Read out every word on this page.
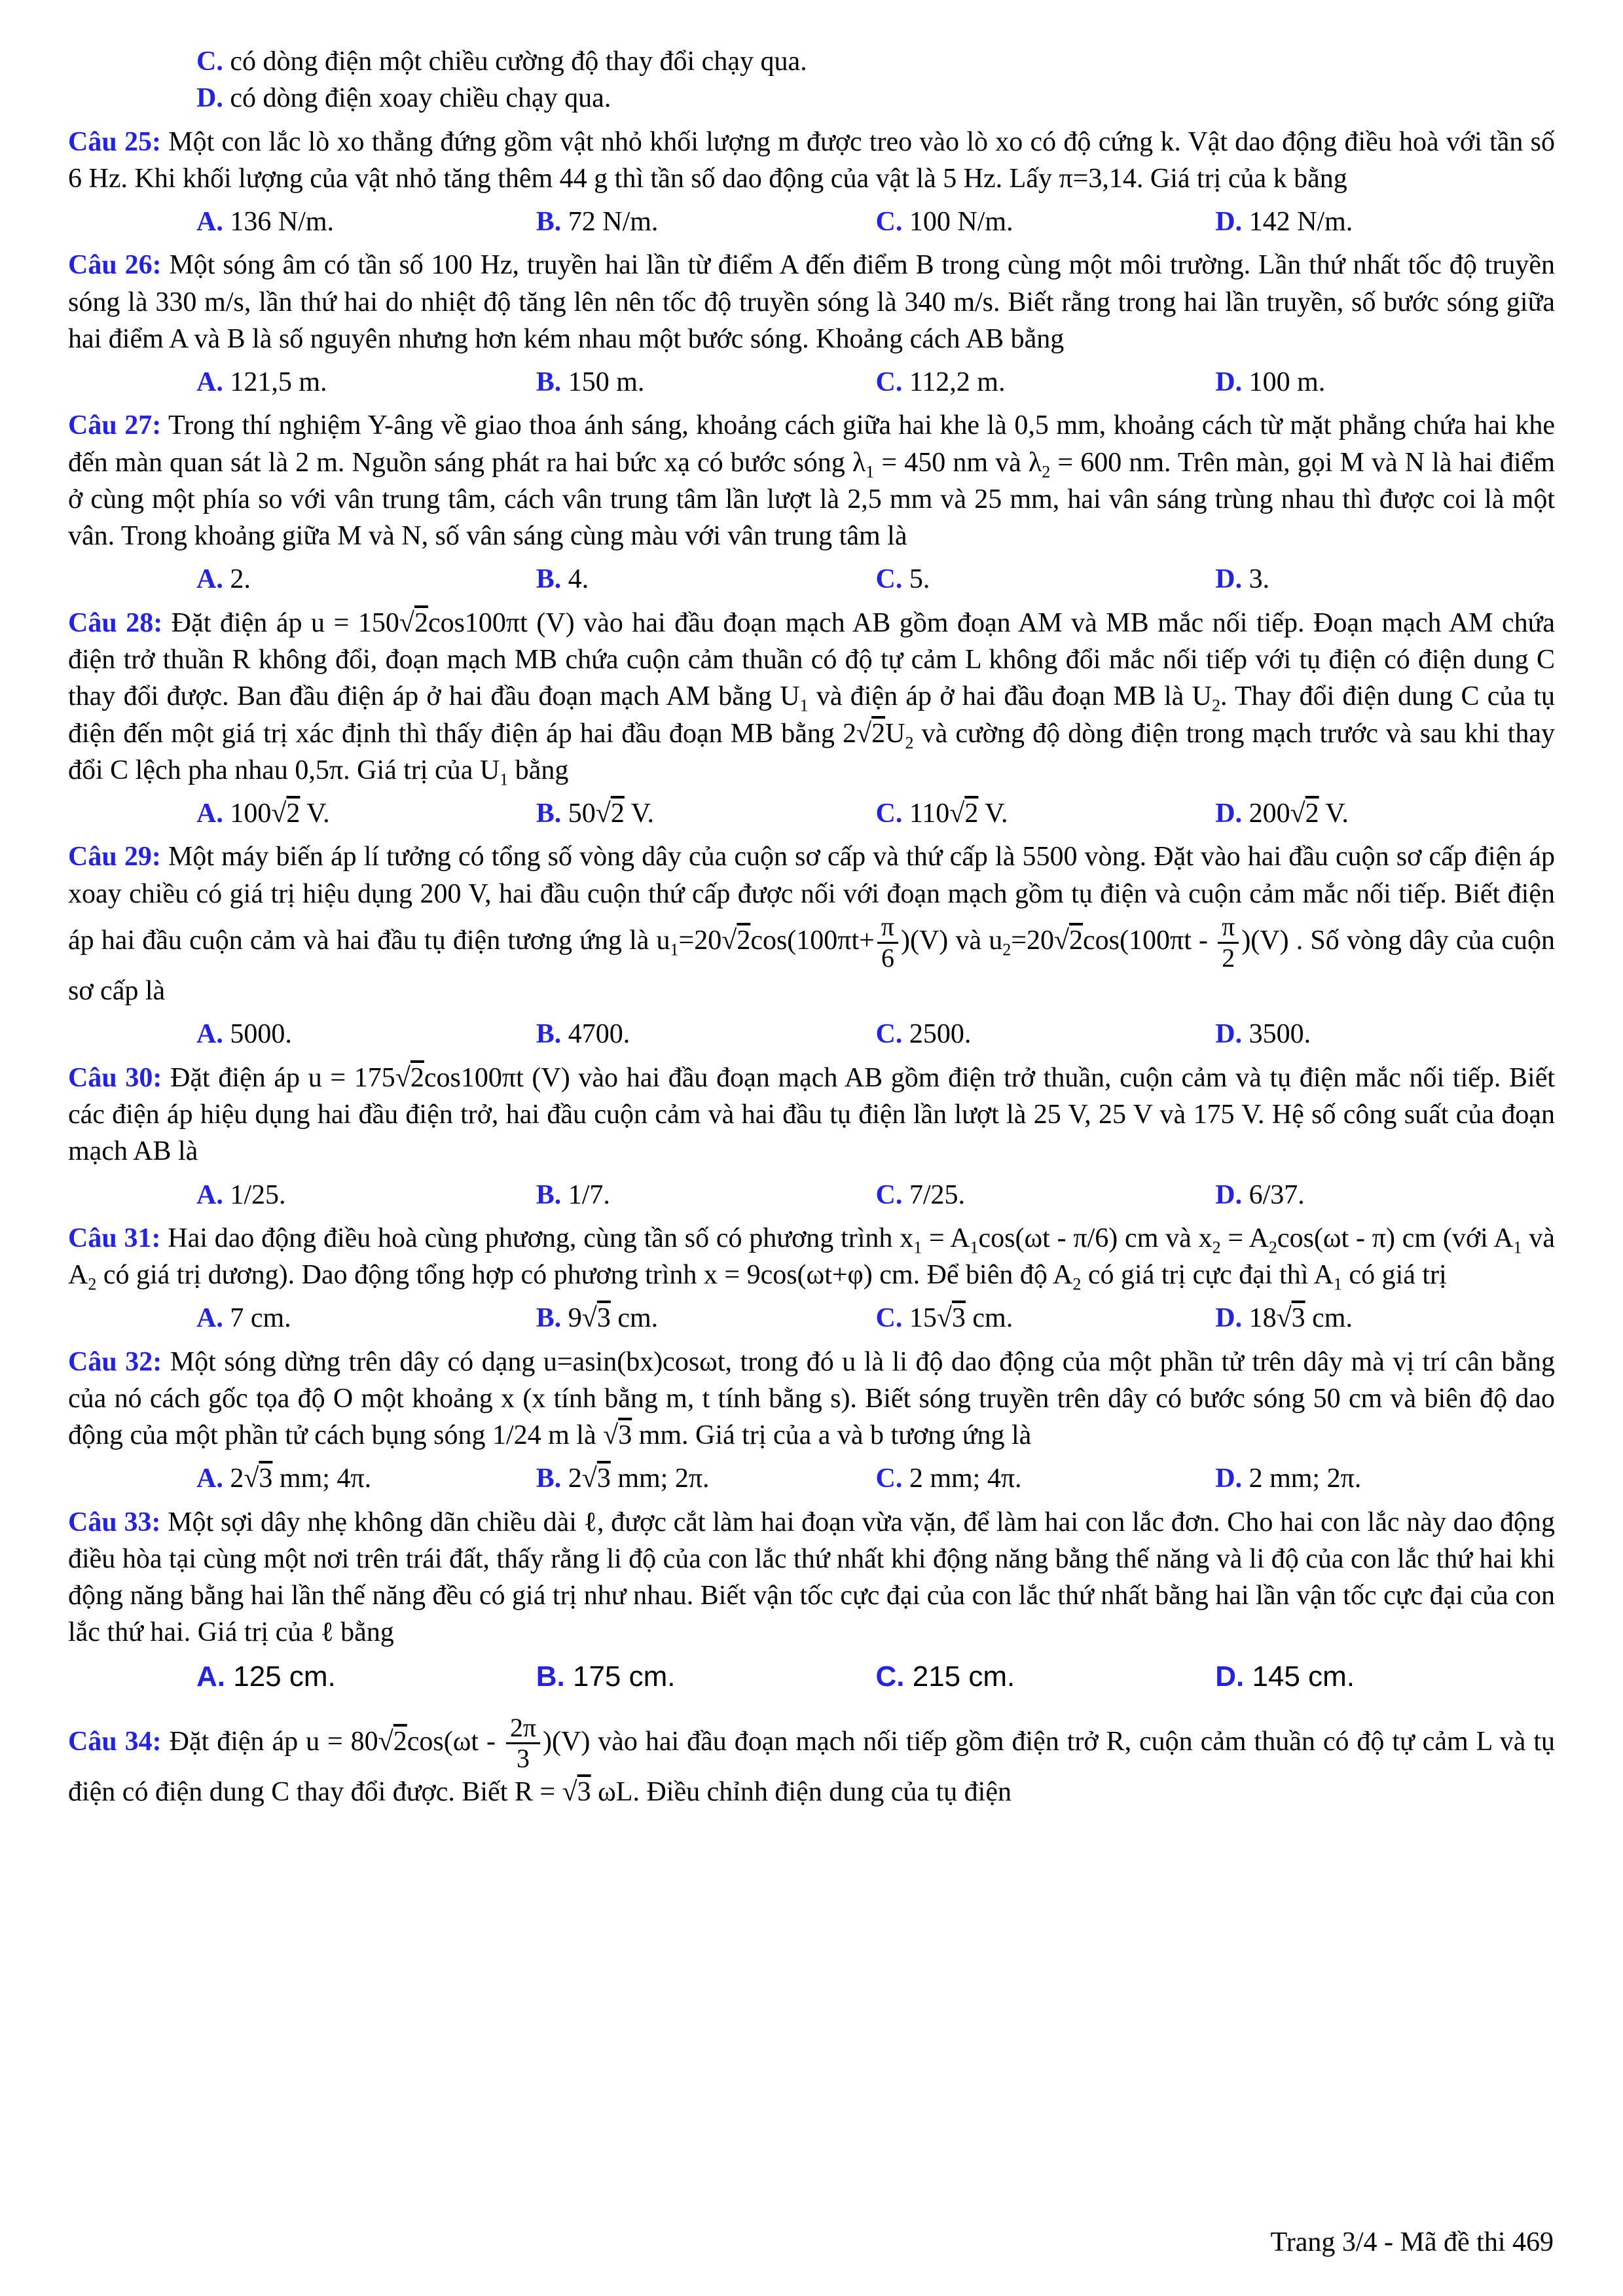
C. có dòng điện một chiều cường độ thay đổi chạy qua.
D. có dòng điện xoay chiều chạy qua.

Câu 25: Một con lắc lò xo thẳng đứng gồm vật nhỏ khối lượng m được treo vào lò xo có độ cứng k. Vật dao động điều hoà với tần số 6 Hz. Khi khối lượng của vật nhỏ tăng thêm 44 g thì tần số dao động của vật là 5 Hz. Lấy π=3,14. Giá trị của k bằng

A. 136 N/m.	B. 72 N/m.	C. 100 N/m.	D. 142 N/m.

Câu 26: Một sóng âm có tần số 100 Hz, truyền hai lần từ điểm A đến điểm B trong cùng một môi trường. Lần thứ nhất tốc độ truyền sóng là 330 m/s, lần thứ hai do nhiệt độ tăng lên nên tốc độ truyền sóng là 340 m/s. Biết rằng trong hai lần truyền, số bước sóng giữa hai điểm A và B là số nguyên nhưng hơn kém nhau một bước sóng. Khoảng cách AB bằng

A. 121,5 m.	B. 150 m.	C. 112,2 m.	D. 100 m.

Câu 27: Trong thí nghiệm Y-âng về giao thoa ánh sáng, khoảng cách giữa hai khe là 0,5 mm, khoảng cách từ mặt phẳng chứa hai khe đến màn quan sát là 2 m. Nguồn sáng phát ra hai bức xạ có bước sóng $\lambda_1 = 450$ nm và $\lambda_2 = 600$ nm. Trên màn, gọi M và N là hai điểm ở cùng một phía so với vân trung tâm, cách vân trung tâm lần lượt là 2,5 mm và 25 mm, hai vân sáng trùng nhau thì được coi là một vân. Trong khoảng giữa M và N, số vân sáng cùng màu với vân trung tâm là

A. 2.	B. 4.	C. 5.	D. 3.

Câu 28: Đặt điện áp u = 150√2cos100πt (V) vào hai đầu đoạn mạch AB gồm đoạn AM và MB mắc nối tiếp. Đoạn mạch AM chứa điện trở thuần R không đổi, đoạn mạch MB chứa cuộn cảm thuần có độ tự cảm L không đổi mắc nối tiếp với tụ điện có điện dung C thay đổi được. Ban đầu điện áp ở hai đầu đoạn mạch AM bằng $U_1$ và điện áp ở hai đầu đoạn MB là $U_2$. Thay đổi điện dung C của tụ điện đến một giá trị xác định thì thấy điện áp hai đầu đoạn MB bằng $2√2U_2$ và cường độ dòng điện trong mạch trước và sau khi thay đổi C lệch pha nhau 0,5π. Giá trị của $U_1$ bằng

A. 100√2 V.	B. 50√2 V.	C. 110√2 V.	D. 200√2 V.

Câu 29: Một máy biến áp lí tưởng có tổng số vòng dây của cuộn sơ cấp và thứ cấp là 5500 vòng. Đặt vào hai đầu cuộn sơ cấp điện áp xoay chiều có giá trị hiệu dụng 200 V, hai đầu cuộn thứ cấp được nối với đoạn mạch gồm tụ điện và cuộn cảm mắc nối tiếp. Biết điện áp hai đầu cuộn cảm và hai đầu tụ điện tương ứng là $u_1=20√2\cos(100\pi t+ \frac{\pi}{6} )(V)$ và $u_2=20√2\cos(100\pi t - \frac{\pi}{2} )(V)$ . Số vòng dây của cuộn sơ cấp là

A. 5000.	B. 4700.	C. 2500.	D. 3500.

Câu 30: Đặt điện áp u = 175√2cos100πt (V) vào hai đầu đoạn mạch AB gồm điện trở thuần, cuộn cảm và tụ điện mắc nối tiếp. Biết các điện áp hiệu dụng hai đầu điện trở, hai đầu cuộn cảm và hai đầu tụ điện lần lượt là 25 V, 25 V và 175 V. Hệ số công suất của đoạn mạch AB là

A. 1/25.	B. 1/7.	C. 7/25.	D. 6/37.

Câu 31: Hai dao động điều hoà cùng phương, cùng tần số có phương trình $x_1 = A_1\cos(\omega t - \pi/6)$ cm và $x_2 = A_2\cos(\omega t - \pi)$ cm (với $A_1$ và $A_2$ có giá trị dương). Dao động tổng hợp có phương trình x = 9cos(ωt+φ) cm. Để biên độ $A_2$ có giá trị cực đại thì $A_1$ có giá trị

A. 7 cm.	B. 9√3 cm.	C. 15√3 cm.	D. 18√3 cm.

Câu 32: Một sóng dừng trên dây có dạng u=asin(bx)cosωt, trong đó u là li độ dao động của một phần tử trên dây mà vị trí cân bằng của nó cách gốc tọa độ O một khoảng x (x tính bằng m, t tính bằng s). Biết sóng truyền trên dây có bước sóng 50 cm và biên độ dao động của một phần tử cách bụng sóng 1/24 m là √3 mm. Giá trị của a và b tương ứng là

A. 2√3 mm; 4π.	B. 2√3 mm; 2π.	C. 2 mm; 4π.	D. 2 mm; 2π.

Câu 33: Một sợi dây nhẹ không dãn chiều dài ℓ, được cắt làm hai đoạn vừa vặn, để làm hai con lắc đơn. Cho hai con lắc này dao động điều hòa tại cùng một nơi trên trái đất, thấy rằng li độ của con lắc thứ nhất khi động năng bằng thế năng và li độ của con lắc thứ hai khi động năng bằng hai lần thế năng đều có giá trị như nhau. Biết vận tốc cực đại của con lắc thứ nhất bằng hai lần vận tốc cực đại của con lắc thứ hai. Giá trị của ℓ bằng

A. 125 cm.	B. 175 cm.	C. 215 cm.	D. 145 cm.

Câu 34: Đặt điện áp $u = 80√2\cos(\omega t - \frac{2\pi}{3} )(V)$ vào hai đầu đoạn mạch nối tiếp gồm điện trở R, cuộn cảm thuần có độ tự cảm L và tụ điện có điện dung C thay đổi được. Biết R = √3 ωL. Điều chỉnh điện dung của tụ điện

Trang 3/4 - Mã đề thi 469
